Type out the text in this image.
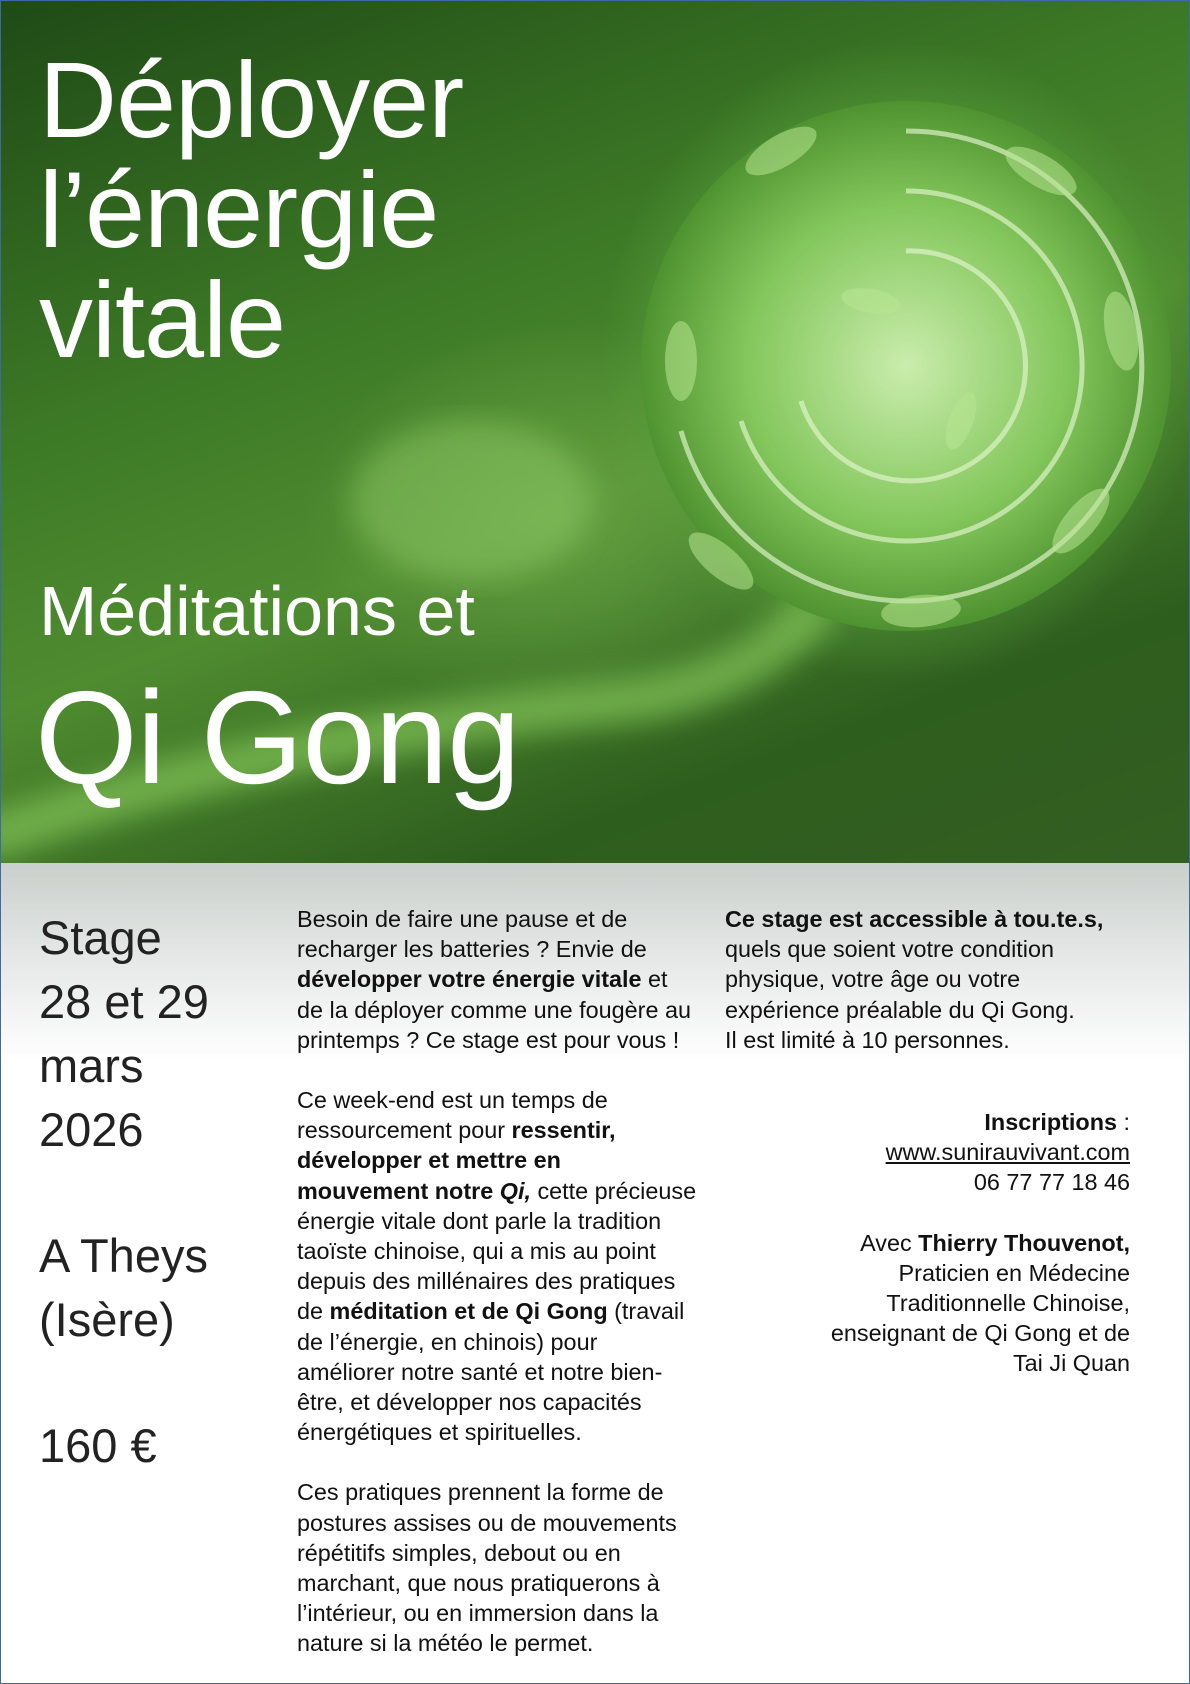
Déployer
l’énergie
vitale
Méditations et
Qi Gong

Stage

28 et 29

mars

2026

A Theys

(Isère)

160 €

Besoin de faire une pause et de recharger les batteries ? Envie de développer votre énergie vitale et de la déployer comme une fougère au printemps ? Ce stage est pour vous !

Ce week-end est un temps de ressourcement pour ressentir, développer et mettre en mouvement notre Qi, cette précieuse énergie vitale dont parle la tradition taoïste chinoise, qui a mis au point depuis des millénaires des pratiques de méditation et de Qi Gong (travail de l’énergie, en chinois) pour améliorer notre santé et notre bien-être, et développer nos capacités énergétiques et spirituelles.

Ces pratiques prennent la forme de postures assises ou de mouvements répétitifs simples, debout ou en marchant, que nous pratiquerons à l’intérieur, ou en immersion dans la nature si la météo le permet.

Ce stage est accessible à tou.te.s, quels que soient votre condition physique, votre âge ou votre expérience préalable du Qi Gong.
Il est limité à 10 personnes.

Inscriptions :
www.sunirauvivant.com
06 77 77 18 46

Avec Thierry Thouvenot,
Praticien en Médecine
Traditionnelle Chinoise,
enseignant de Qi Gong et de
Tai Ji Quan
